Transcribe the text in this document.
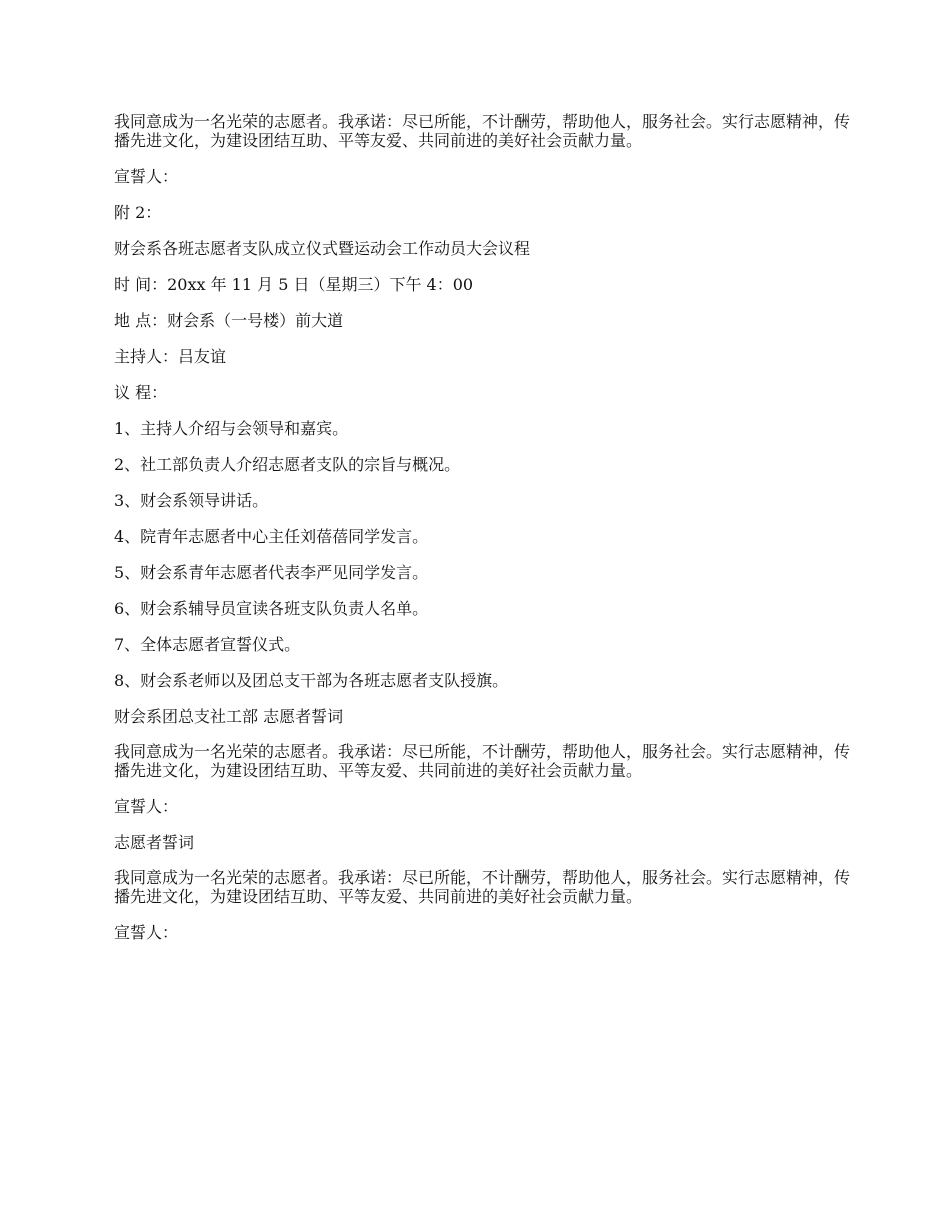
我同意成为一名光荣的志愿者。我承诺：尽已所能，不计酬劳，帮助他人，服务社会。实行志愿精神，传播先进文化，为建设团结互助、平等友爱、共同前进的美好社会贡献力量。

宣誓人：

附 2：

财会系各班志愿者支队成立仪式暨运动会工作动员大会议程

时 间：20xx 年 11 月 5 日（星期三）下午 4：00

地 点：财会系（一号楼）前大道

主持人：吕友谊

议 程：

1、主持人介绍与会领导和嘉宾。

2、社工部负责人介绍志愿者支队的宗旨与概况。

3、财会系领导讲话。

4、院青年志愿者中心主任刘蓓蓓同学发言。

5、财会系青年志愿者代表李严见同学发言。

6、财会系辅导员宣读各班支队负责人名单。

7、全体志愿者宣誓仪式。

8、财会系老师以及团总支干部为各班志愿者支队授旗。

财会系团总支社工部 志愿者誓词

我同意成为一名光荣的志愿者。我承诺：尽已所能，不计酬劳，帮助他人，服务社会。实行志愿精神，传播先进文化，为建设团结互助、平等友爱、共同前进的美好社会贡献力量。

宣誓人：

志愿者誓词

我同意成为一名光荣的志愿者。我承诺：尽已所能，不计酬劳，帮助他人，服务社会。实行志愿精神，传播先进文化，为建设团结互助、平等友爱、共同前进的美好社会贡献力量。

宣誓人：
